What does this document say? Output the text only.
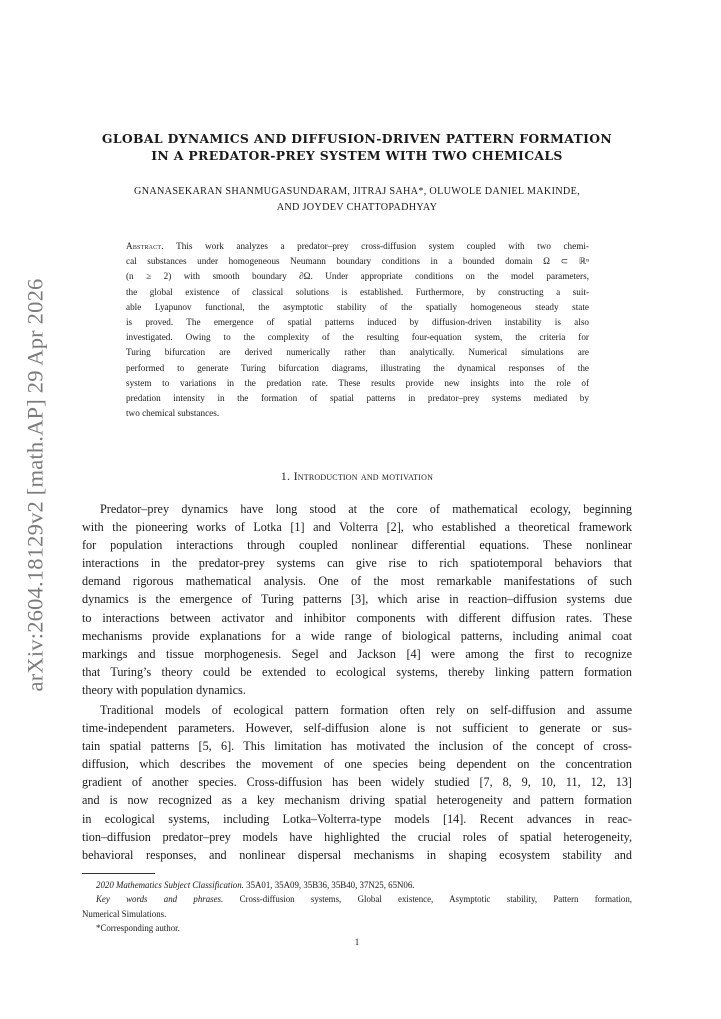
arXiv:2604.18129v2 [math.AP] 29 Apr 2026
GLOBAL DYNAMICS AND DIFFUSION-DRIVEN PATTERN FORMATION
IN A PREDATOR-PREY SYSTEM WITH TWO CHEMICALS
GNANASEKARAN SHANMUGASUNDARAM, JITRAJ SAHA*, OLUWOLE DANIEL MAKINDE,
AND JOYDEV CHATTOPADHYAY
Abstract. This work analyzes a predator–prey cross-diffusion system coupled with two chemi-
cal substances under homogeneous Neumann boundary conditions in a bounded domain Ω ⊂ ℝⁿ
(n ≥ 2) with smooth boundary ∂Ω. Under appropriate conditions on the model parameters,
the global existence of classical solutions is established. Furthermore, by constructing a suit-
able Lyapunov functional, the asymptotic stability of the spatially homogeneous steady state
is proved. The emergence of spatial patterns induced by diffusion-driven instability is also
investigated. Owing to the complexity of the resulting four-equation system, the criteria for
Turing bifurcation are derived numerically rather than analytically. Numerical simulations are
performed to generate Turing bifurcation diagrams, illustrating the dynamical responses of the
system to variations in the predation rate. These results provide new insights into the role of
predation intensity in the formation of spatial patterns in predator–prey systems mediated by
two chemical substances.
1. Introduction and motivation
Predator–prey dynamics have long stood at the core of mathematical ecology, beginning
with the pioneering works of Lotka [1] and Volterra [2], who established a theoretical framework
for population interactions through coupled nonlinear differential equations. These nonlinear
interactions in the predator-prey systems can give rise to rich spatiotemporal behaviors that
demand rigorous mathematical analysis. One of the most remarkable manifestations of such
dynamics is the emergence of Turing patterns [3], which arise in reaction–diffusion systems due
to interactions between activator and inhibitor components with different diffusion rates. These
mechanisms provide explanations for a wide range of biological patterns, including animal coat
markings and tissue morphogenesis. Segel and Jackson [4] were among the first to recognize
that Turing’s theory could be extended to ecological systems, thereby linking pattern formation
theory with population dynamics.
Traditional models of ecological pattern formation often rely on self-diffusion and assume
time-independent parameters. However, self-diffusion alone is not sufficient to generate or sus-
tain spatial patterns [5, 6]. This limitation has motivated the inclusion of the concept of cross-
diffusion, which describes the movement of one species being dependent on the concentration
gradient of another species. Cross-diffusion has been widely studied [7, 8, 9, 10, 11, 12, 13]
and is now recognized as a key mechanism driving spatial heterogeneity and pattern formation
in ecological systems, including Lotka–Volterra-type models [14]. Recent advances in reac-
tion–diffusion predator–prey models have highlighted the crucial roles of spatial heterogeneity,
behavioral responses, and nonlinear dispersal mechanisms in shaping ecosystem stability and
2020 Mathematics Subject Classification. 35A01, 35A09, 35B36, 35B40, 37N25, 65N06.
Key words and phrases. Cross-diffusion systems, Global existence, Asymptotic stability, Pattern formation,
Numerical Simulations.
*Corresponding author.
1
